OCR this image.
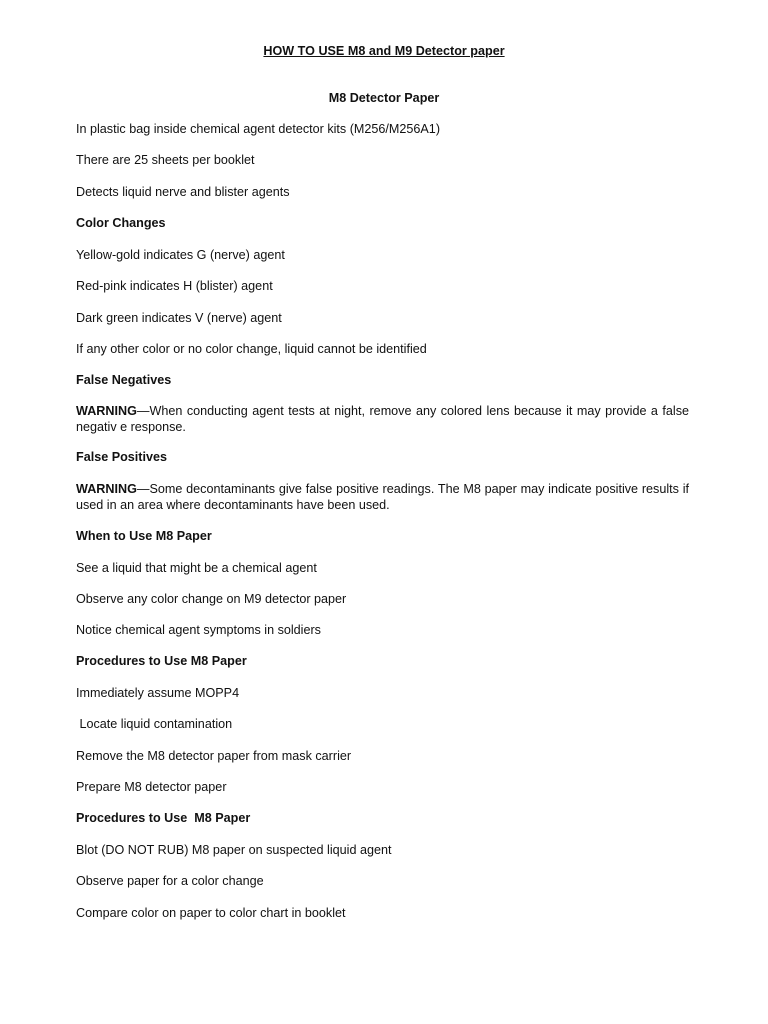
HOW TO USE M8 and M9 Detector paper

M8 Detector Paper

In plastic bag inside chemical agent detector kits (M256/M256A1)

There are 25 sheets per booklet

Detects liquid nerve and blister agents

Color Changes

Yellow-gold indicates G (nerve) agent

Red-pink indicates H (blister) agent

Dark green indicates V (nerve) agent

If any other color or no color change, liquid cannot be identified

False Negatives

WARNING—When conducting agent tests at night, remove any colored lens because it may provide a false negativ e response.

False Positives

WARNING—Some decontaminants give false positive readings. The M8 paper may indicate positive results if used in an area where decontaminants have been used.

When to Use M8 Paper

See a liquid that might be a chemical agent

Observe any color change on M9 detector paper

Notice chemical agent symptoms in soldiers

Procedures to Use M8 Paper

Immediately assume MOPP4

Locate liquid contamination

Remove the M8 detector paper from mask carrier

Prepare M8 detector paper

Procedures to Use  M8 Paper

Blot (DO NOT RUB) M8 paper on suspected liquid agent

Observe paper for a color change

Compare color on paper to color chart in booklet
